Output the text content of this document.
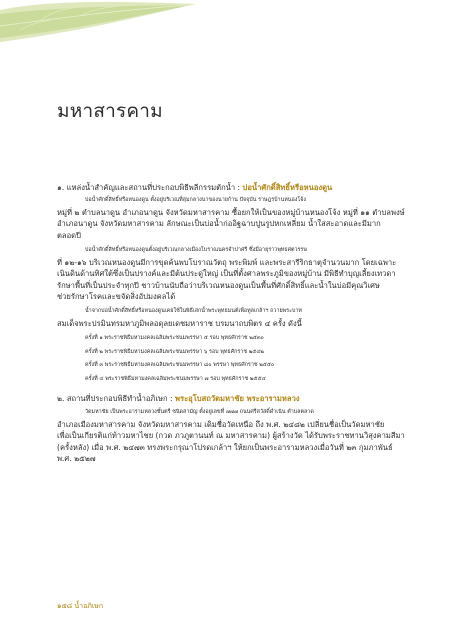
มหาสารคาม

๑. แหล่งน้ำสำคัญและสถานที่ประกอบพิธีพลีกรรมตักน้ำ : บ่อน้ำศักดิ์สิทธิ์หรือหนองดูน

บ่อน้ำศักดิ์สิทธิ์หรือหนองดูน ตั้งอยู่บริเวณที่ลุ่มกลางนาของนายก้าน ปัจจุบัน ราษฎรบ้านหนองโจ้ง

หมู่ที่ ๒ ตำบลนาดูน อำเภอนาดูน จังหวัดมหาสารคาม ซื้อยกให้เป็นของหมู่บ้านหนองโจ้ง หมู่ที่ ๑๑ ตำบลพงษ์

อำเภอนาดูน จังหวัดมหาสารคาม ลักษณะเป็นบ่อน้ำก่ออิฐฉาบปูนรูปหกเหลี่ยม น้ำใสสะอาดและมีมาก

ตลอดปี

บ่อน้ำศักดิ์สิทธิ์หรือหนองดูนตั้งอยู่บริเวณกลางเมืองโบราณนครจำปาศรี ซึ่งมีอายุราวพุทธศตวรรษ

ที่ ๑๒-๑๖ บริเวณหนองดูนมีการขุดค้นพบโบราณวัตถุ พระพิมพ์ และพระสารีริกธาตุจำนวนมาก โดยเฉพาะ

เนินดินด้านทิศใต้ซึ่งเป็นปรางค์และมีต้นประดู่ใหญ่ เป็นที่ตั้งศาลพระภูมิของหมู่บ้าน มีพิธีทำบุญเลี้ยงเทวดา

รักษาพื้นที่เป็นประจำทุกปี ชาวบ้านนับถือว่าบริเวณหนองดูนเป็นพื้นที่ศักดิ์สิทธิ์และน้ำในบ่อมีคุณวิเศษ

ช่วยรักษาโรคและขจัดสิ่งอัปมงคลได้

น้ำจากบ่อน้ำศักดิ์สิทธิ์หรือหนองดูนเคยใช้ในพิธีเสกน้ำพระพุทธมนต์เพื่อทูลเกล้าฯ ถวายพระบาท

สมเด็จพระปรมินทรมหาภูมิพลอดุลยเดชมหาราช บรมนาถบพิตร ๔ ครั้ง ดังนี้

ครั้งที่ ๑ พระราชพิธีมหามงคลเฉลิมพระชนมพรรษา ๕ รอบ พุทธศักราช ๒๕๓๐

ครั้งที่ ๒ พระราชพิธีมหามงคลเฉลิมพระชนมพรรษา ๖ รอบ พุทธศักราช ๒๕๔๒

ครั้งที่ ๓ พระราชพิธีมหามงคลเฉลิมพระชนมพรรษา ๘๐ พรรษา พุทธศักราช ๒๕๕๐

ครั้งที่ ๔ พระราชพิธีมหามงคลเฉลิมพระชนมพรรษา ๗ รอบ พุทธศักราช ๒๕๕๔

๒. สถานที่ประกอบพิธีทำน้ำอภิเษก : พระอุโบสถวัดมหาชัย พระอารามหลวง

วัดมหาชัย เป็นพระอารามหลวงชั้นตรี ชนิดสามัญ ตั้งอยู่เลขที่ ๗๗๗ ถนนศรีสวัสดิ์ดำเนิน ตำบลตลาด

อำเภอเมืองมหาสารคาม จังหวัดมหาสารคาม เดิมชื่อวัดเหนือ ถึง พ.ศ. ๒๔๘๒ เปลี่ยนชื่อเป็นวัดมหาชัย

เพื่อเป็นเกียรติแก่ท้าวมหาไชย (กวด ภวภูตานนท์ ณ มหาสารคาม) ผู้สร้างวัด ได้รับพระราชทานวิสุงคามสีมา

(ครั้งหลัง) เมื่อ พ.ศ. ๒๔๗๓ ทรงพระกรุณาโปรดเกล้าฯ ให้ยกเป็นพระอารามหลวงเมื่อวันที่ ๒๓ กุมภาพันธ์

พ.ศ. ๒๕๒๗

๑๕๘ น้ำอภิเษก
